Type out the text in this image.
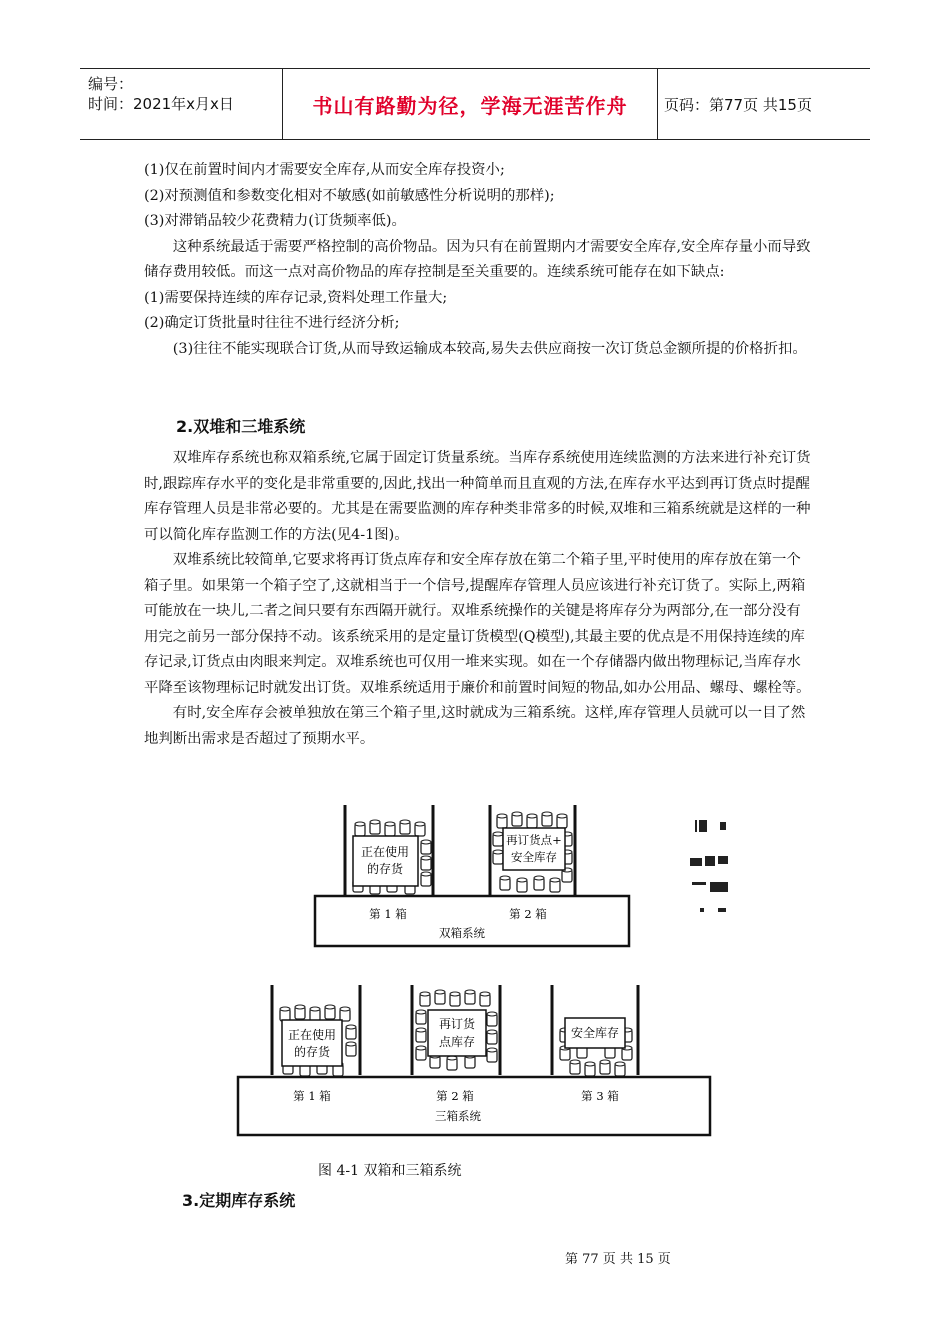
编号：
时间：2021年x月x日	书山有路勤为径，学海无涯苦作舟 页码：第77页 共15页

(1)仅在前置时间内才需要安全库存,从而安全库存投资小;

(2)对预测值和参数变化相对不敏感(如前敏感性分析说明的那样);

(3)对滞销品较少花费精力(订货频率低)。

这种系统最适于需要严格控制的高价物品。因为只有在前置期内才需要安全库存,安全库存量小而导致储存费用较低。而这一点对高价物品的库存控制是至关重要的。连续系统可能存在如下缺点:

(1)需要保持连续的库存记录,资料处理工作量大;

(2)确定订货批量时往往不进行经济分析;

(3)往往不能实现联合订货,从而导致运输成本较高,易失去供应商按一次订货总金额所提的价格折扣。

2.双堆和三堆系统

双堆库存系统也称双箱系统,它属于固定订货量系统。当库存系统使用连续监测的方法来进行补充订货时,跟踪库存水平的变化是非常重要的,因此,找出一种简单而且直观的方法,在库存水平达到再订货点时提醒库存管理人员是非常必要的。尤其是在需要监测的库存种类非常多的时候,双堆和三箱系统就是这样的一种可以简化库存监测工作的方法(见4-1图)。

双堆系统比较简单,它要求将再订货点库存和安全库存放在第二个箱子里,平时使用的库存放在第一个箱子里。如果第一个箱子空了,这就相当于一个信号,提醒库存管理人员应该进行补充订货了。实际上,两箱可能放在一块儿,二者之间只要有东西隔开就行。双堆系统操作的关键是将库存分为两部分,在一部分没有用完之前另一部分保持不动。该系统采用的是定量订货模型(Q模型),其最主要的优点是不用保持连续的库存记录,订货点由肉眼来判定。双堆系统也可仅用一堆来实现。如在一个存储器内做出物理标记,当库存水平降至该物理标记时就发出订货。双堆系统适用于廉价和前置时间短的物品,如办公用品、螺母、螺栓等。

有时,安全库存会被单独放在第三个箱子里,这时就成为三箱系统。这样,库存管理人员就可以一目了然地判断出需求是否超过了预期水平。

正在使用
的存货
再订货点+
安全库存
第 1 箱	第 2 箱
双箱系统
正在使用
的存货
再订货
点库存
安全库存
第 1 箱	第 2 箱	第 3 箱
三箱系统
图 4-1 双箱和三箱系统
3.定期库存系统
第 77 页 共 15 页
